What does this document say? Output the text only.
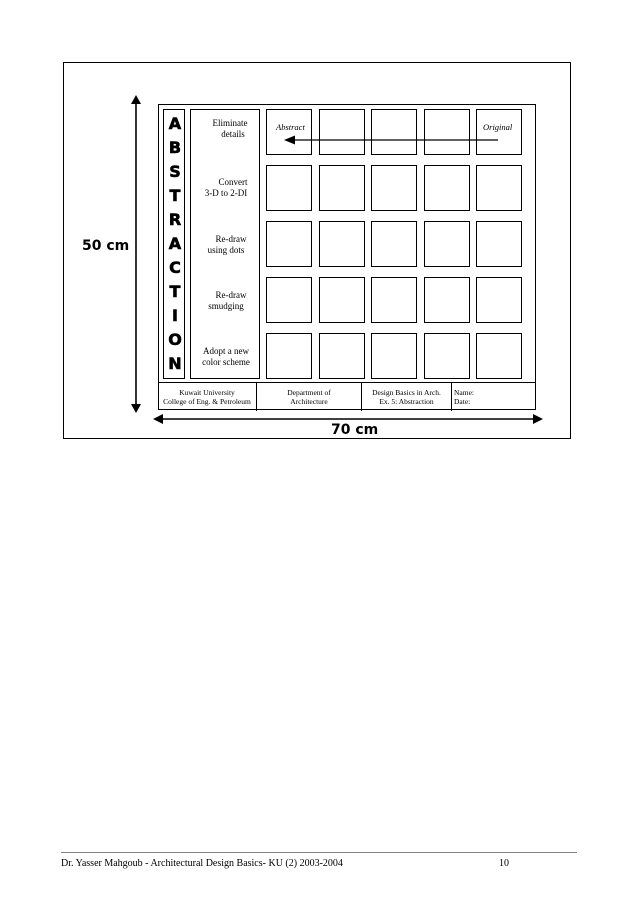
50 cm
70 cm
A
B
S
T
R
A
C
T
I
O
N
Eliminate
details
Convert
3-D to 2-DI
Re-draw
using dots
Re-draw
smudging
Adopt a new
color scheme
Abstract	Original
Kuwait University
College of Eng. & Petroleum
Department of
Architecture
Design Basics in Arch.
Ex. 5: Abstraction
Name:
Date:
Dr. Yasser Mahgoub - Architectural Design Basics- KU (2) 2003-2004	10
